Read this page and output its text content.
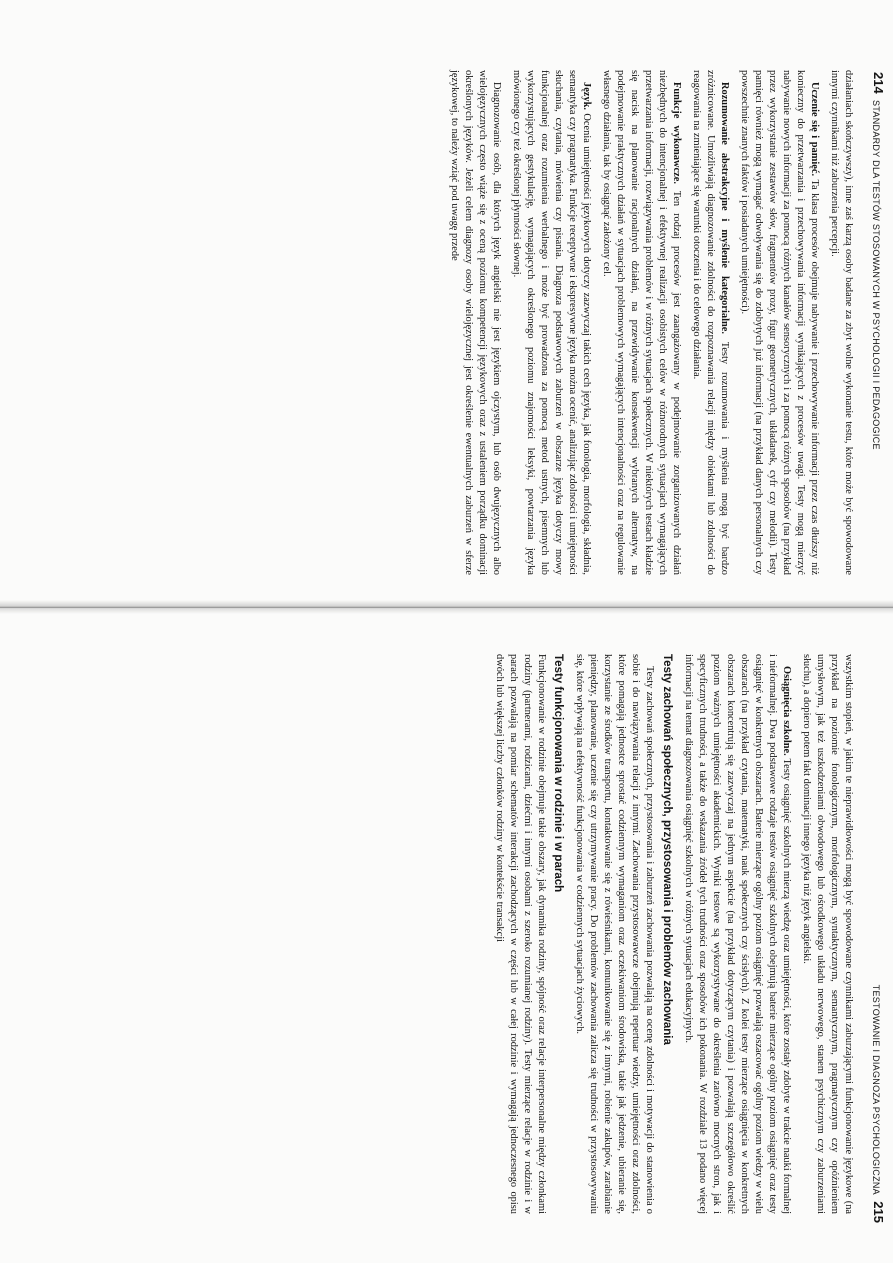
214
STANDARDY DLA TESTÓW STOSOWANYCH W PSYCHOLOGII I PEDAGOGICE

działaniach skończywszy), inne zaś karzą osoby badane za zbyt wolne wykonanie testu, które może być spowodowane innymi czynnikami niż zaburzenia percepcji.

Uczenie się i pamięć. Ta klasa procesów obejmuje nabywanie i przechowywanie informacji przez czas dłuższy niż konieczny do przetwarzania i przechowywania informacji wynikających z procesów uwagi. Testy mogą mierzyć nabywanie nowych informacji za pomocą różnych kanałów sensorycznych i za pomocą różnych sposobów (na przykład przez wykorzystanie zestawów słów, fragmentów prozy, figur geometrycznych, układanek, cyfr czy melodii). Testy pamięci również mogą wymagać odwoływania się do zdobytych już informacji (na przykład danych personalnych czy powszechnie znanych faktów i posiadanych umiejętności).

Rozumowanie abstrakcyjne i myślenie kategorialne. Testy rozumowania i myślenia mogą być bardzo zróżnicowane. Umożliwiają diagnozowanie zdolności do rozpoznawania relacji między obiektami lub zdolności do reagowania na zmieniające się warunki otoczenia i do celowego działania.

Funkcje wykonawcze. Ten rodzaj procesów jest zaangażowany w podejmowanie zorganizowanych działań niezbędnych do intencjonalnej i efektywnej realizacji osobistych celów w różnorodnych sytuacjach wymagających przetwarzania informacji, rozwiązywania problemów i w różnych sytuacjach społecznych. W niektórych testach kładzie się nacisk na planowanie racjonalnych działań, na przewidywanie konsekwencji wybranych alternatyw, na podejmowanie praktycznych działań w sytuacjach problemowych wymagających intencjonalności oraz na regulowanie własnego działania, tak by osiągnąć założony cel.

Język. Ocenia umiejętności językowych dotyczy zazwyczaj takich cech języka, jak fonologia, morfologia, składnia, semantyka czy pragmatyka. Funkcje receptywne i ekspresywne języka można ocenić, analizując zdolności i umiejętności słuchania, czytania, mówienia czy pisania. Diagnoza podstawowych zaburzeń w obszarze języka dotyczy mowy funkcjonalnej oraz rozumienia werbalnego i może być prowadzona za pomocą metod ustnych, pisemnych lub wykorzystujących gestykulację, wymagających określonego poziomu znajomości leksyki, powtarzania języka mówionego czy też określonej płynności słownej.

Diagnozowanie osób, dla których język angielski nie jest językiem ojczystym, lub osób dwujęzycznych albo wielojęzycznych często wiąże się z oceną poziomu kompetencji językowych oraz z ustaleniem porządku dominacji określonych języków. Jeżeli celem diagnozy osoby wielojęzycznej jest określenie ewentualnych zaburzeń w sferze językowej, to należy wziąć pod uwagę przede

TESTOWANIE I DIAGNOZA PSYCHOLOGICZNA
215

wszystkim stopień, w jakim te nieprawidłowości mogą być spowodowane czynnikami zaburzającymi funkcjonowanie językowe (na przykład na poziomie fonologicznym, morfologicznym, syntaktycznym, semantycznym, pragmatycznym czy opóźnieniem umysłowym, jak też uszkodzeniami obwodowego lub ośrodkowego układu nerwowego, stanem psychicznym czy zaburzeniami słuchu), a dopiero potem fakt dominacji innego języka niż język angielski.

Osiągnięcia szkolne. Testy osiągnięć szkolnych mierzą wiedzę oraz umiejętności, które zostały zdobyte w trakcie nauki formalnej i nieformalnej. Dwa podstawowe rodzaje testów osiągnięć szkolnych obejmują baterie mierzące ogólny poziom osiągnięć oraz testy osiągnięć w konkretnych obszarach. Baterie mierzące ogólny poziom osiągnięć pozwalają oszacować ogólny poziom wiedzy w wielu obszarach (na przykład czytania, matematyki, nauk społecznych czy ścisłych). Z kolei testy mierzące osiągnięcia w konkretnych obszarach koncentrują się zazwyczaj na jednym aspekcie (na przykład dotyczącym czytania) i pozwalają szczegółowo określić poziom ważnych umiejętności akademickich. Wyniki testowe są wykorzystywane do określenia zarówno mocnych stron, jak i specyficznych trudności, a także do wskazania źródeł tych trudności oraz sposobów ich pokonania. W rozdziale 13 podano więcej informacji na temat diagnozowania osiągnięć szkolnych w różnych sytuacjach edukacyjnych.

Testy zachowań społecznych, przystosowania i problemów zachowania

Testy zachowań społecznych, przystosowania i zaburzeń zachowania pozwalają na ocenę zdolności i motywacji do stanowienia o sobie i do nawiązywania relacji z innymi. Zachowania przystosowawcze obejmują repertuar wiedzy, umiejętności oraz zdolności, które pomagają jednostce sprostać codziennym wymaganiom oraz oczekiwaniom środowiska, takie jak jedzenie, ubieranie się, korzystanie ze środków transportu, kontaktowanie się z rówieśnikami, komunikowanie się z innymi, robienie zakupów, zarabianie pieniędzy, planowanie, uczenie się czy utrzymywanie pracy. Do problemów zachowania zalicza się trudności w przystosowywaniu się, które wpływają na efektywność funkcjonowania w codziennych sytuacjach życiowych.

Testy funkcjonowania w rodzinie i w parach

Funkcjonowanie w rodzinie obejmuje takie obszary, jak dynamika rodziny, spójność oraz relacje interpersonalne między członkami rodziny (partnerami, rodzicami, dziećmi i innymi osobami z szeroko rozumianej rodziny). Testy mierzące relacje w rodzinie i w parach pozwalają na pomiar schematów interakcji zachodzących w części lub w całej rodzinie i wymagają jednoczesnego opisu dwóch lub większej liczby członków rodziny w kontekście transakcji
